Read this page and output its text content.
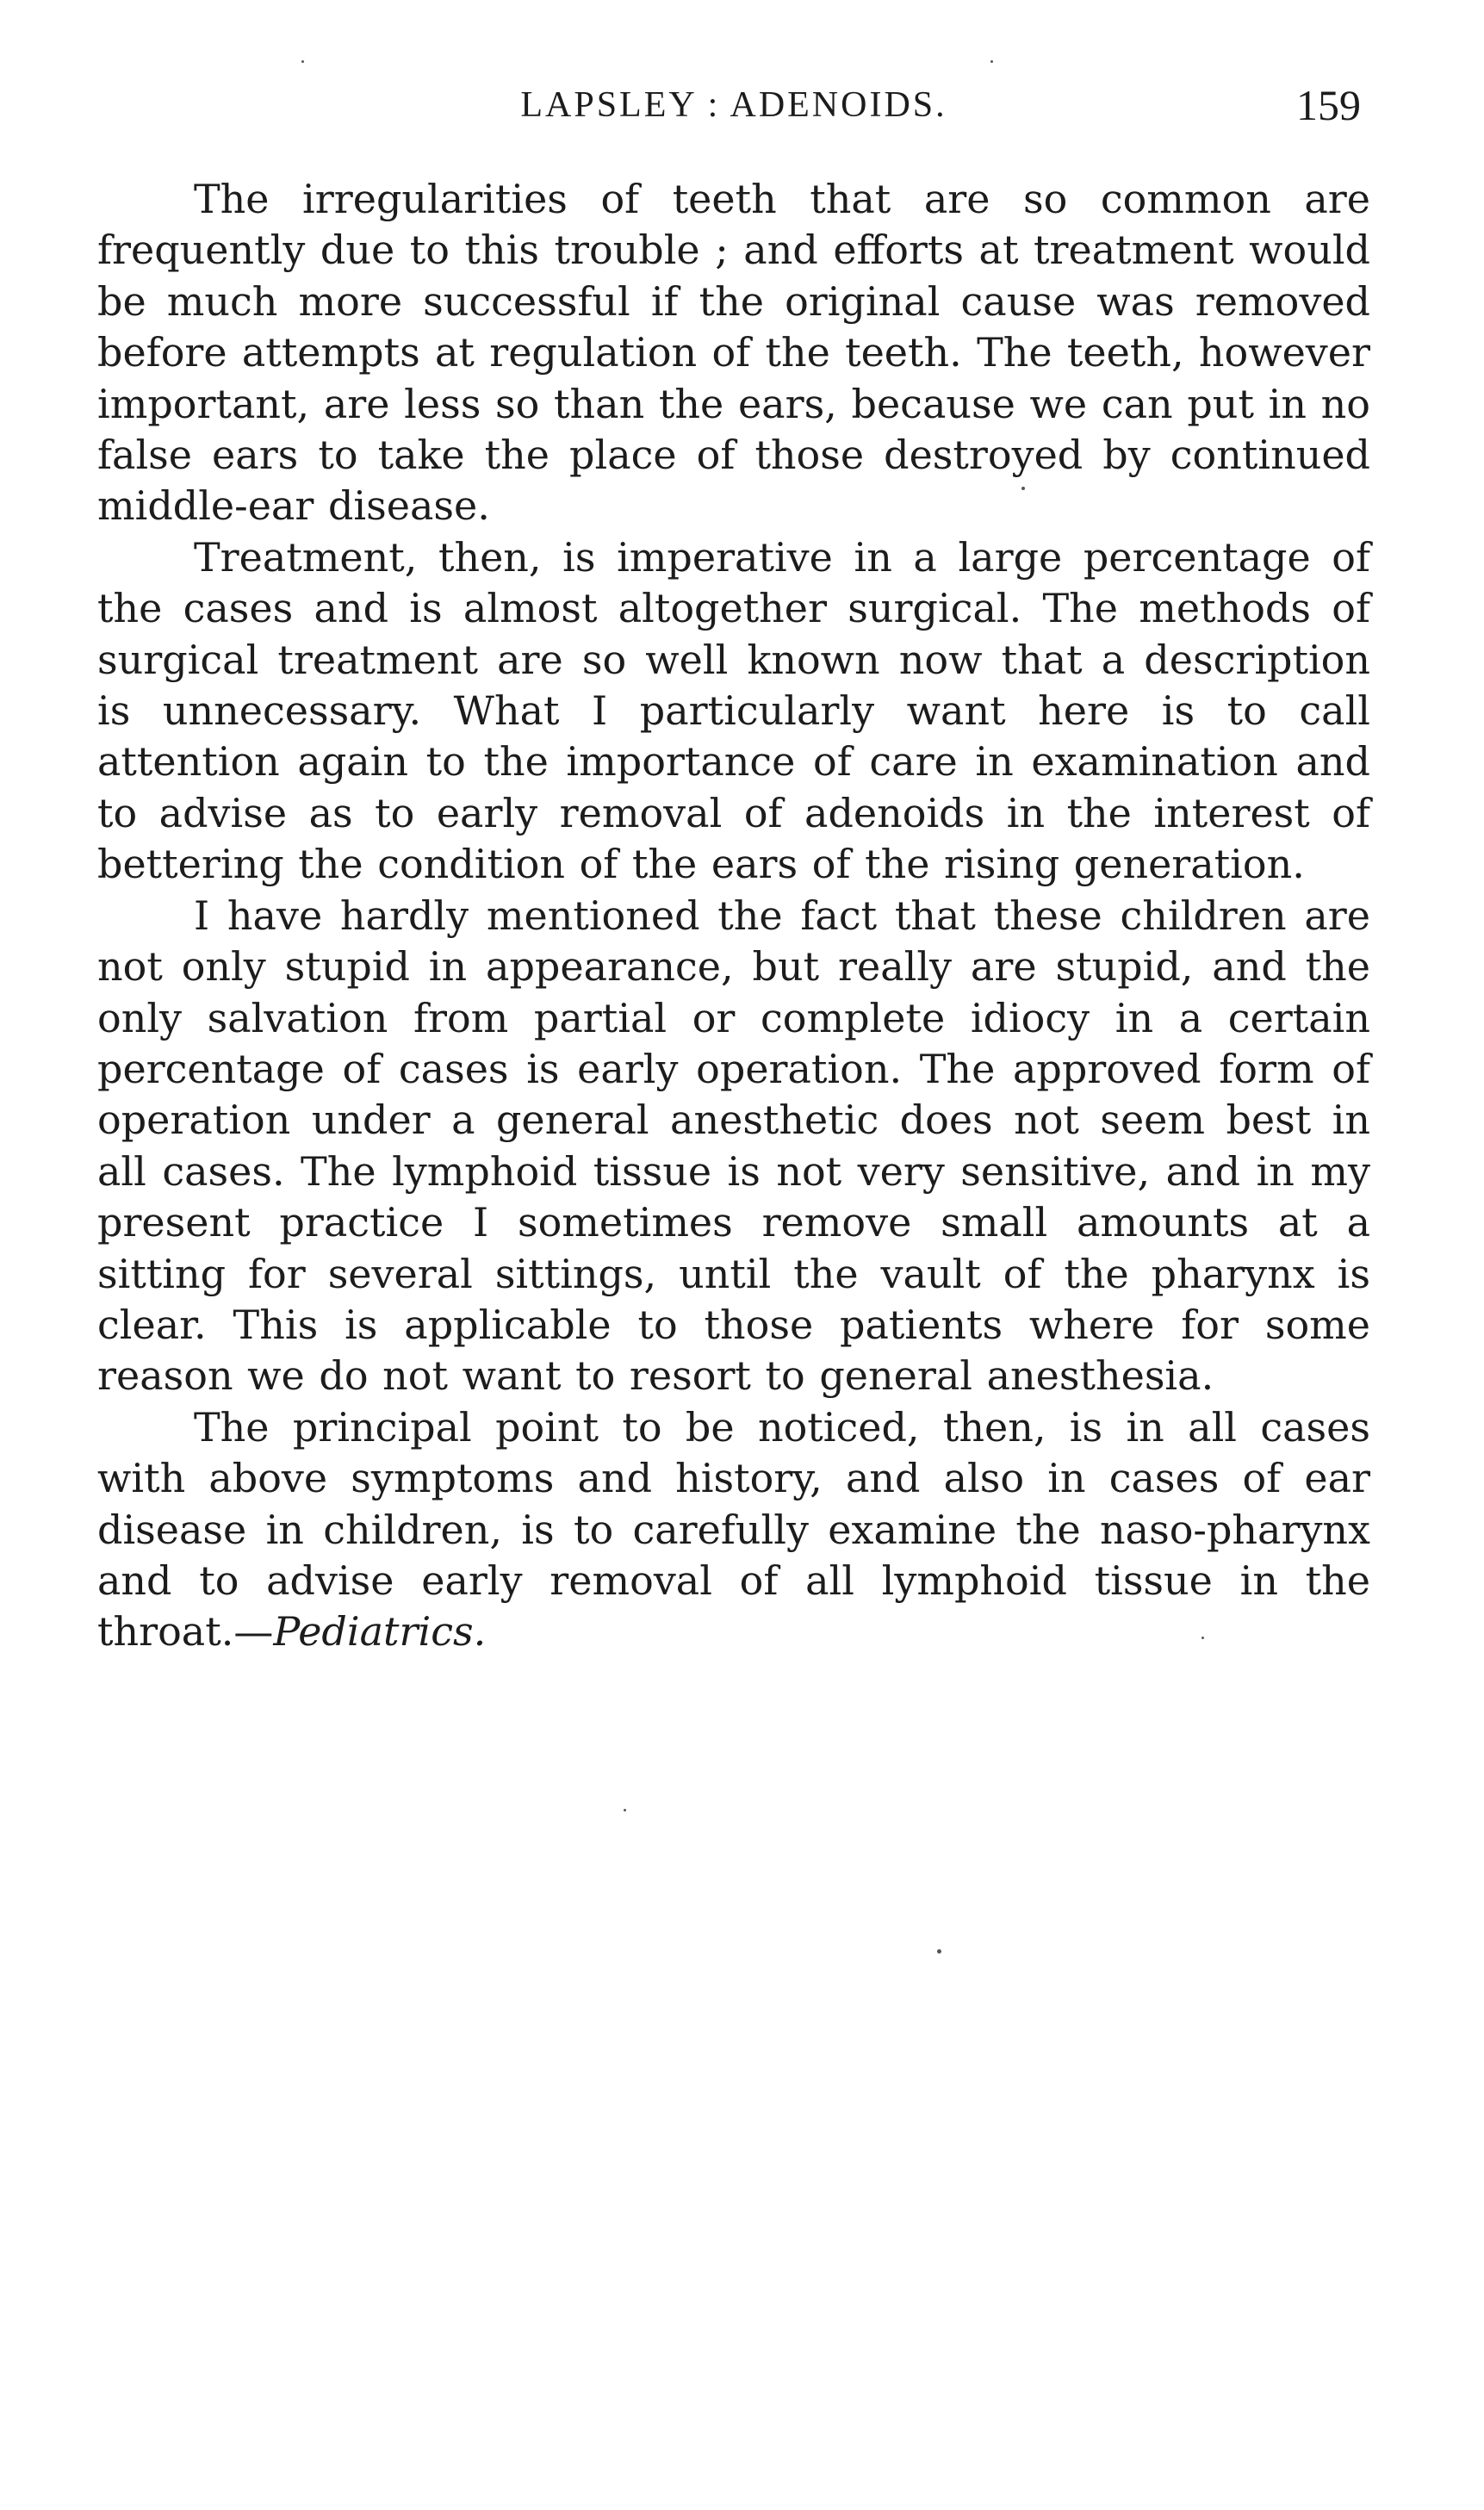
LAPSLEY : ADENOIDS.	159

The irregularities of teeth that are so common are frequently due to this trouble ; and efforts at treatment would be much more successful if the original cause was removed before attempts at regulation of the teeth. The teeth, however important, are less so than the ears, because we can put in no false ears to take the place of those destroyed by continued middle-ear disease.

Treatment, then, is imperative in a large percentage of the cases and is almost altogether surgical. The methods of surgical treatment are so well known now that a description is unnecessary. What I particularly want here is to call attention again to the importance of care in examination and to advise as to early removal of adenoids in the interest of bettering the condition of the ears of the rising generation.

I have hardly mentioned the fact that these children are not only stupid in appearance, but really are stupid, and the only salvation from partial or complete idiocy in a certain percentage of cases is early operation. The approved form of operation under a general anesthetic does not seem best in all cases. The lymphoid tissue is not very sensitive, and in my present practice I sometimes remove small amounts at a sitting for several sittings, until the vault of the pharynx is clear. This is applicable to those patients where for some reason we do not want to resort to general anesthesia.

The principal point to be noticed, then, is in all cases with above symptoms and history, and also in cases of ear disease in children, is to carefully examine the naso-pharynx and to advise early removal of all lymphoid tissue in the throat.—Pediatrics.
